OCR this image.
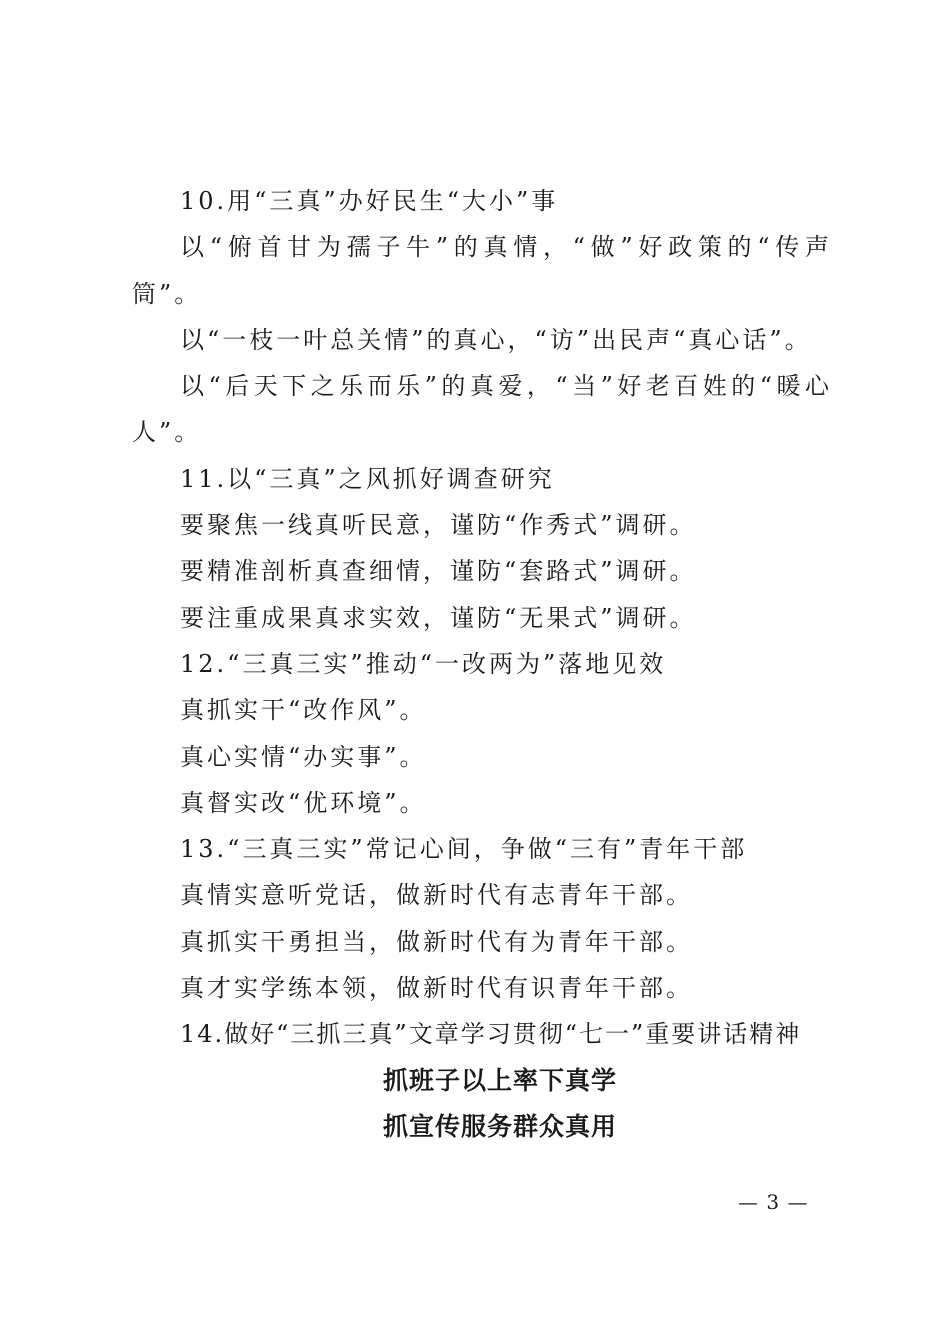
10.用“三真”办好民生“大小”事

以“俯首甘为孺子牛”的真情，“做”好政策的“传声筒”。

以“一枝一叶总关情”的真心，“访”出民声“真心话”。

以“后天下之乐而乐”的真爱，“当”好老百姓的“暖心人”。

11.以“三真”之风抓好调查研究

要聚焦一线真听民意，谨防“作秀式”调研。

要精准剖析真查细情，谨防“套路式”调研。

要注重成果真求实效，谨防“无果式”调研。

12.“三真三实”推动“一改两为”落地见效

真抓实干“改作风”。

真心实情“办实事”。

真督实改“优环境”。

13.“三真三实”常记心间，争做“三有”青年干部

真情实意听党话，做新时代有志青年干部。

真抓实干勇担当，做新时代有为青年干部。

真才实学练本领，做新时代有识青年干部。

14.做好“三抓三真”文章学习贯彻“七一”重要讲话精神

抓班子以上率下真学

抓宣传服务群众真用

— 3 —
